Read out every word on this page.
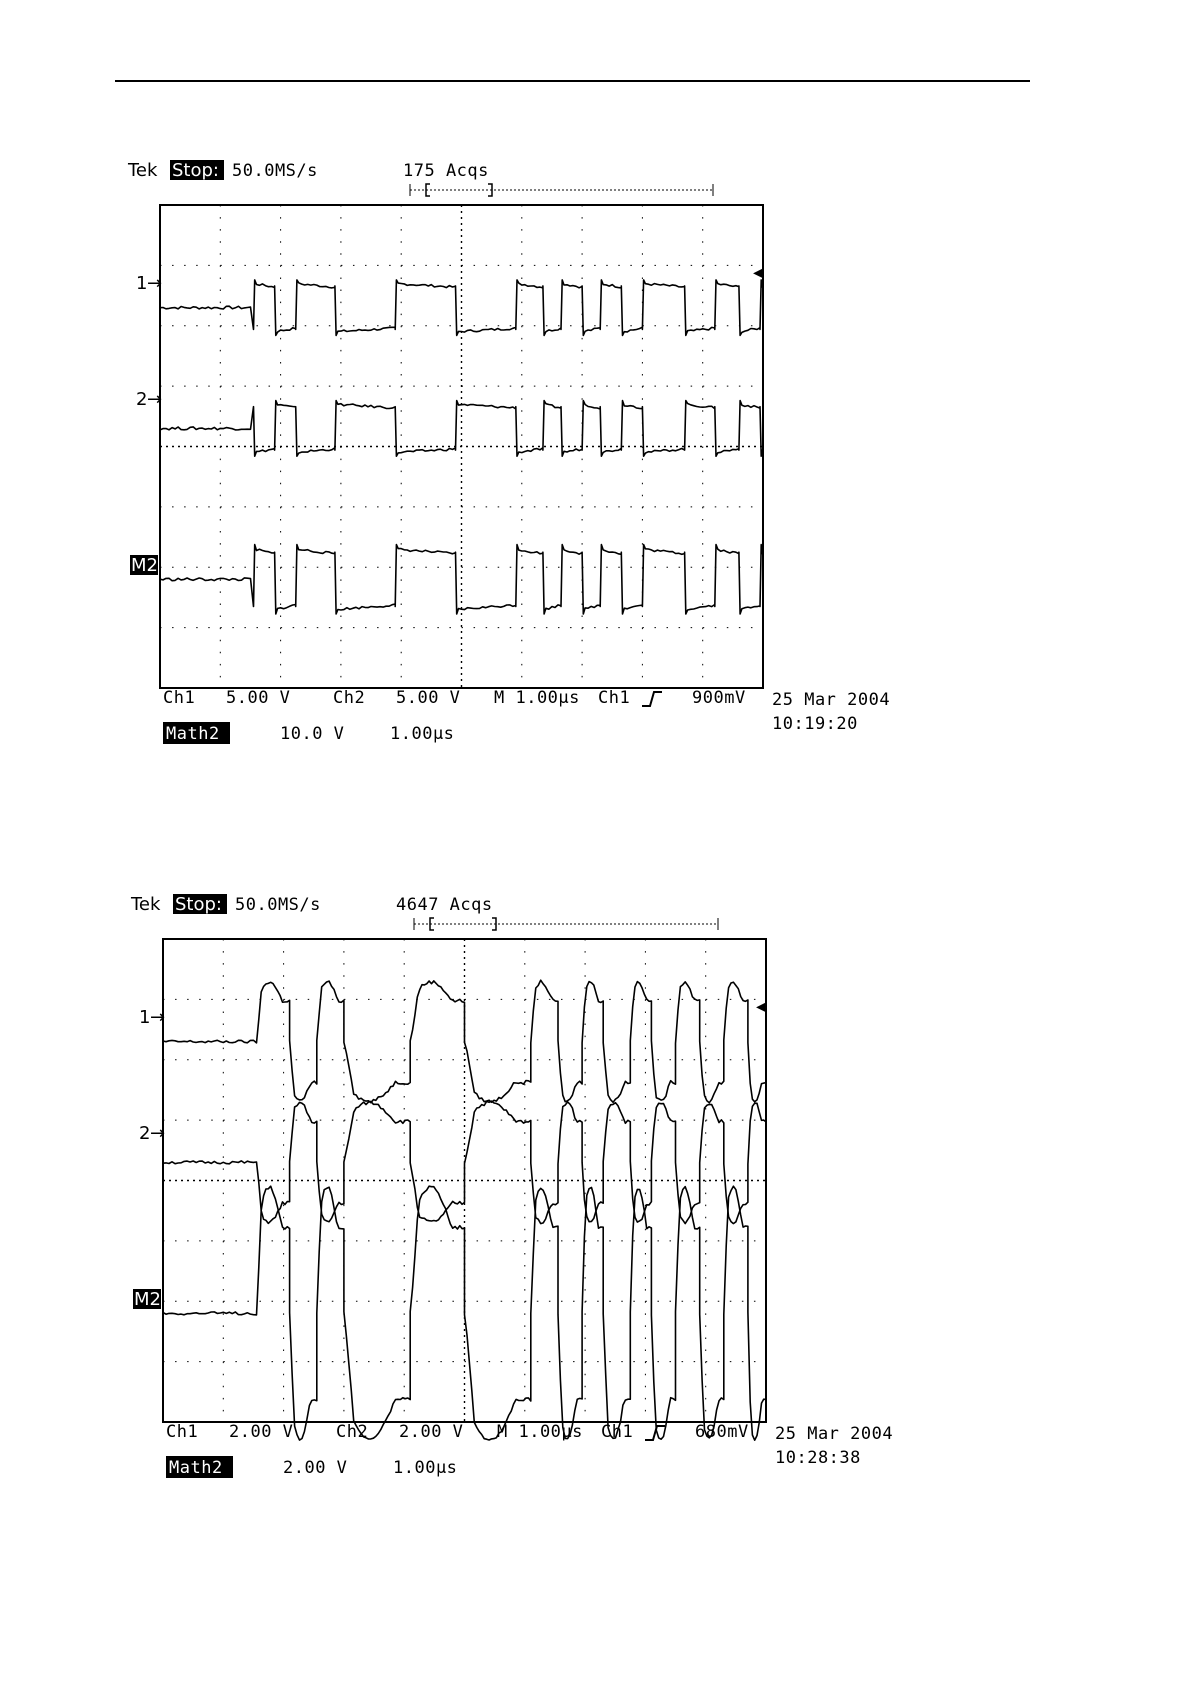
Tek Stop: 50.0MS/s	175 Acqs
1 →
2 →
M2
◂
Ch1 5.00 V	Ch2 5.00 V M 1.00µs Ch1	900mV 25 Mar 2004
10:19:20
Math2	10.0 V	1.00µs
Tek Stop: 50.0MS/s	4647 Acqs
1 →
2 →
M2
◂
Ch1 2.00 V	Ch2 2.00 V M 1.00µs Ch1	680mV 25 Mar 2004
10:28:38
Math2	2.00 V	1.00µs
